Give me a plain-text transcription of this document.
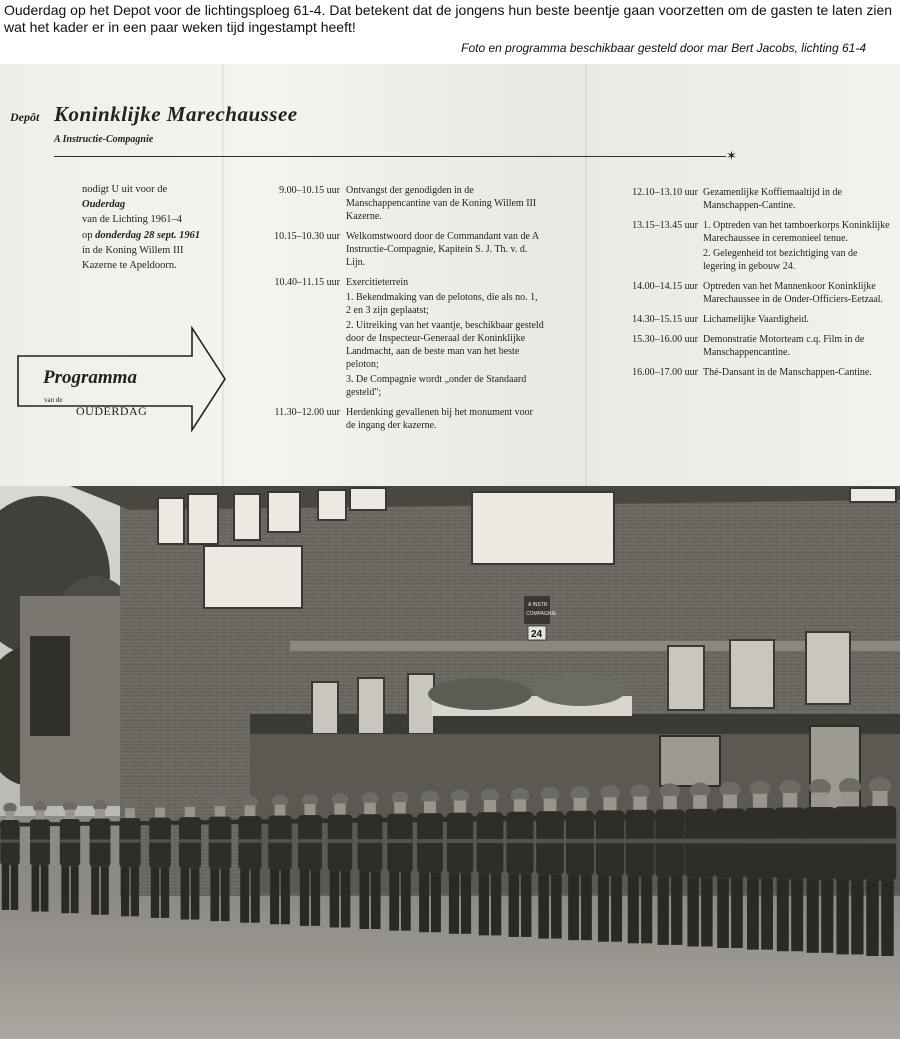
Ouderdag op het Depot voor de lichtingsploeg 61-4. Dat betekent dat de jongens hun beste beentje gaan voorzetten om de gasten te laten zien wat het kader er in een paar weken tijd ingestampt heeft!
Foto en programma beschikbaar gesteld door mar Bert Jacobs, lichting 61-4
Depôt Koninklijke Marechaussee
A Instructie-Compagnie
✶
nodigt U uit voor de
Ouderdag
van de Lichting 1961–4
op donderdag 28 sept. 1961
in de Koning Willem III
Kazerne te Apeldoorn.
Programma
van de
OUDERDAG
9.00–10.15 uur Ontvangst der genodigden in de Manschappencantine van de Koning Willem III Kazerne.
10.15–10.30 uur Welkomstwoord door de Commandant van de A Instructie-Compagnie, Kapitein S. J. Th. v. d. Lijn.
10.40–11.15 uur Exercitieterrein
1. Bekendmaking van de pelotons, die als no. 1, 2 en 3 zijn geplaatst;
2. Uitreiking van het vaantje, beschikbaar gesteld door de Inspecteur-Generaal der Koninklijke Landmacht, aan de beste man van het beste peloton;
3. De Compagnie wordt „onder de Standaard gesteld";
11.30–12.00 uur Herdenking gevallenen bij het monument voor de ingang der kazerne.
12.10–13.10 uur Gezamenlijke Koffiemaaltijd in de Manschappen-Cantine.
13.15–13.45 uur 1. Optreden van het tamboerkorps Koninklijke Marechaussee in ceremonieel tenue.
2. Gelegenheid tot bezichtiging van de legering in gebouw 24.
14.00–14.15 uur Optreden van het Mannenkoor Koninklijke Marechaussee in de Onder-Officiers-Eetzaal.
14.30–15.15 uur Lichamelijke Vaardigheid.
15.30–16.00 uur Demonstratie Motorteam c.q. Film in de Manschappencantine.
16.00–17.00 uur Thé-Dansant in de Manschappen-Cantine.
A INSTR
COMPAGNIE
24
